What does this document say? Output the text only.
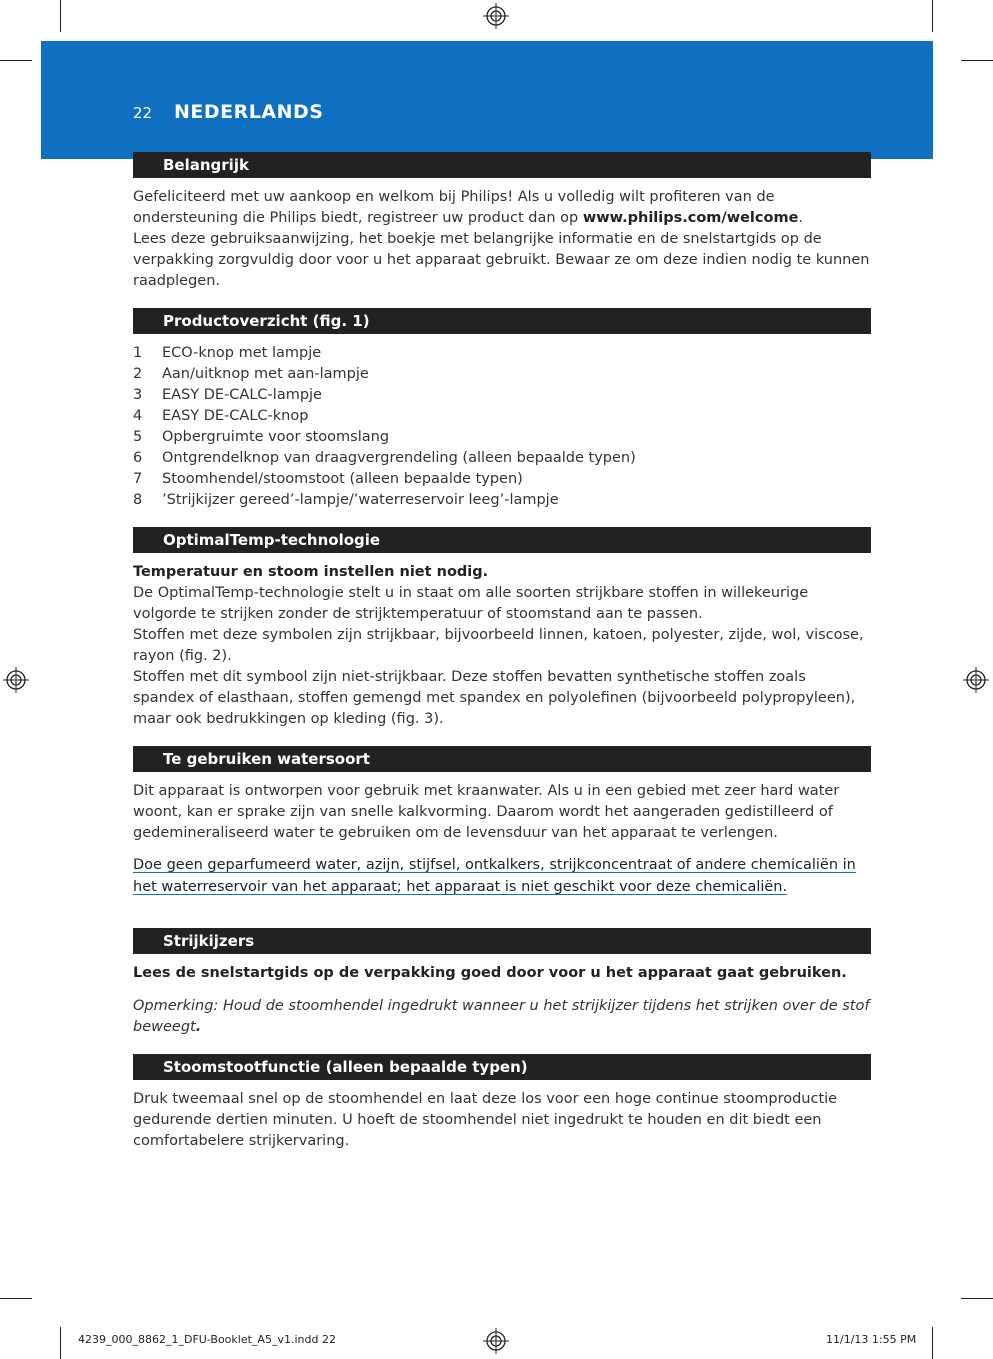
22 NEDERLANDS
Belangrijk

Gefeliciteerd met uw aankoop en welkom bij Philips! Als u volledig wilt profiteren van de ondersteuning die Philips biedt, registreer uw product dan op www.philips.com/welcome.

Lees deze gebruiksaanwijzing, het boekje met belangrijke informatie en de snelstartgids op de verpakking zorgvuldig door voor u het apparaat gebruikt. Bewaar ze om deze indien nodig te kunnen raadplegen.

Productoverzicht (fig. 1)
1	ECO-knop met lampje
2	Aan/uitknop met aan-lampje
3	EASY DE-CALC-lampje
4	EASY DE-CALC-knop
5	Opbergruimte voor stoomslang
6	Ontgrendelknop van draagvergrendeling (alleen bepaalde typen)
7	Stoomhendel/stoomstoot (alleen bepaalde typen)
8	’Strijkijzer gereed’-lampje/’waterreservoir leeg’-lampje
OptimalTemp-technologie

Temperatuur en stoom instellen niet nodig.

De OptimalTemp-technologie stelt u in staat om alle soorten strijkbare stoffen in willekeurige volgorde te strijken zonder de strijktemperatuur of stoomstand aan te passen.

Stoffen met deze symbolen zijn strijkbaar, bijvoorbeeld linnen, katoen, polyester, zijde, wol, viscose, rayon (fig. 2).

Stoffen met dit symbool zijn niet-strijkbaar. Deze stoffen bevatten synthetische stoffen zoals spandex of elasthaan, stoffen gemengd met spandex en polyolefinen (bijvoorbeeld polypropyleen), maar ook bedrukkingen op kleding (fig. 3).

Te gebruiken watersoort

Dit apparaat is ontworpen voor gebruik met kraanwater. Als u in een gebied met zeer hard water woont, kan er sprake zijn van snelle kalkvorming. Daarom wordt het aangeraden gedistilleerd of gedemineraliseerd water te gebruiken om de levensduur van het apparaat te verlengen.

Doe geen geparfumeerd water, azijn, stijfsel, ontkalkers, strijkconcentraat of andere chemicaliën in het waterreservoir van het apparaat; het apparaat is niet geschikt voor deze chemicaliën.

Strijkijzers

Lees de snelstartgids op de verpakking goed door voor u het apparaat gaat gebruiken.

Opmerking: Houd de stoomhendel ingedrukt wanneer u het strijkijzer tijdens het strijken over de stof beweegt.

Stoomstootfunctie (alleen bepaalde typen)

Druk tweemaal snel op de stoomhendel en laat deze los voor een hoge continue stoomproductie gedurende dertien minuten. U hoeft de stoomhendel niet ingedrukt te houden en dit biedt een comfortabelere strijkervaring.

4239_000_8862_1_DFU-Booklet_A5_v1.indd 22	11/1/13 1:55 PM
